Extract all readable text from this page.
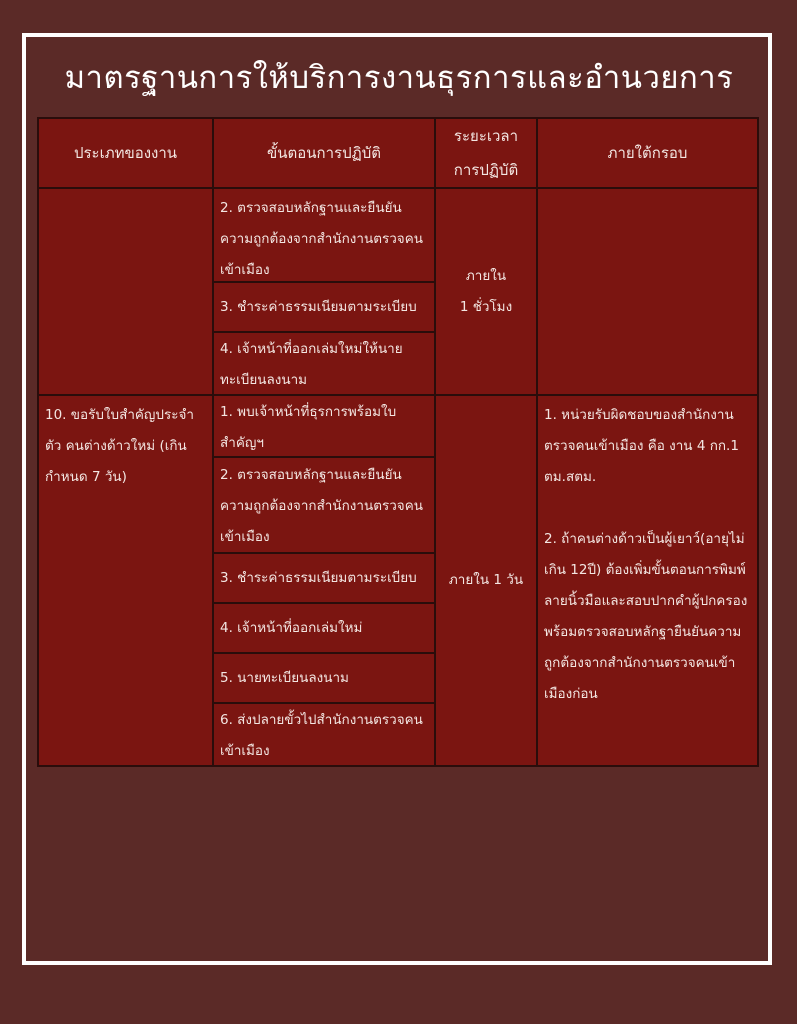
มาตรฐานการให้บริการงานธุรการและอำนวยการ
ประเภทของงาน	ขั้นตอนการปฏิบัติ
ระยะเวลา
การปฏิบัติ
ภายใต้กรอบ
2. ตรวจสอบหลักฐานและยืนยันความถูกต้องจากสำนักงานตรวจคนเข้าเมือง
3. ชำระค่าธรรมเนียมตามระเบียบ
4. เจ้าหน้าที่ออกเล่มใหม่ให้นายทะเบียนลงนาม
ภายใน
1 ชั่วโมง
10. ขอรับใบสำคัญประจำตัว คนต่างด้าวใหม่ (เกินกำหนด 7 วัน)
1. พบเจ้าหน้าที่ธุรการพร้อมใบสำคัญฯ
2. ตรวจสอบหลักฐานและยืนยันความถูกต้องจากสำนักงานตรวจคนเข้าเมือง
3. ชำระค่าธรรมเนียมตามระเบียบ
4. เจ้าหน้าที่ออกเล่มใหม่
5. นายทะเบียนลงนาม
6. ส่งปลายขั้วไปสำนักงานตรวจคนเข้าเมือง
ภายใน 1 วัน
1. หน่วยรับผิดชอบของสำนักงานตรวจคนเข้าเมือง คือ งาน 4 กก.1 ตม.สตม.

2. ถ้าคนต่างด้าวเป็นผู้เยาว์(อายุไม่เกิน 12ปี) ต้องเพิ่มขั้นตอนการพิมพ์ลายนิ้วมือและสอบปากคำผู้ปกครองพร้อมตรวจสอบหลักฐายืนยันความถูกต้องจากสำนักงานตรวจคนเข้าเมืองก่อน
